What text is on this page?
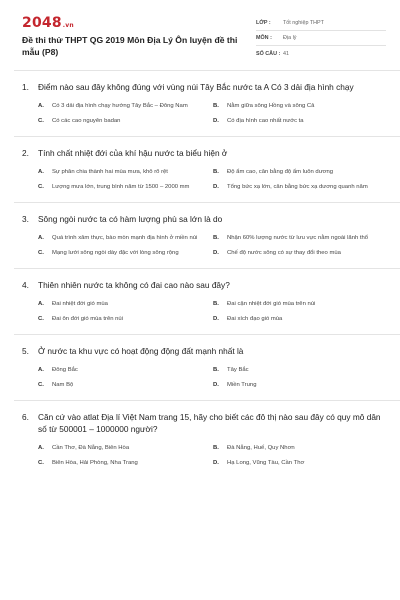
2048 .vn
Đề thi thử THPT QG 2019 Môn Địa Lý Ôn luyện đề thi mẫu (P8)
LỚP :	Tốt nghiệp THPT
MÔN :	Địa lý
SỐ CÂU : 41
1.	Điểm nào sau đây không đúng với vùng núi Tây Bắc nước ta A Có 3 dải địa hình chạy
A.	Có 3 dải địa hình chạy hướng Tây Bắc – Đông Nam	B.	Nằm giữa sông Hồng và sông Cả
C.	Có các cao nguyên badan	D.	Có địa hình cao nhất nước ta
2.	Tính chất nhiệt đới của khí hậu nước ta biểu hiện ở
A.	Sự phân chia thành hai mùa mưa, khô rõ rệt	B.	Độ ẩm cao, cân bằng độ ẩm luôn dương
C.	Lượng mưa lớn, trung bình năm từ 1500 – 2000 mm	D.	Tổng bức xạ lớn, cân bằng bức xạ dương quanh năm
3.	Sông ngòi nước ta có hàm lượng phù sa lớn là do
A.	Quá trình xâm thực, bào mòn mạnh địa hình ở miền núi	B.	Nhận 60% lượng nước từ lưu vực nằm ngoài lãnh thổ
C.	Mạng lưới sông ngòi dày đặc với lòng sông rộng	D.	Chế độ nước sông có sự thay đổi theo mùa
4.	Thiên nhiên nước ta không có đai cao nào sau đây?
A.	Đai nhiệt đới gió mùa	B.	Đai cận nhiệt đới gió mùa trên núi
C.	Đai ôn đới gió mùa trên núi	D.	Đai xích đạo gió mùa
5.	Ở nước ta khu vực có hoạt động động đất mạnh nhất là
A.	Đông Bắc	B.	Tây Bắc
C.	Nam Bộ	D.	Miền Trung
6.	Căn cứ vào atlat Địa lí Việt Nam trang 15, hãy cho biết các đô thị nào sau đây có quy mô dân số từ 500001 – 1000000 người?
A.	Cần Thơ, Đà Nẵng, Biên Hòa	B.	Đà Nẵng, Huế, Quy Nhơn
C.	Biên Hòa, Hải Phòng, Nha Trang	D.	Hạ Long, Vũng Tàu, Cần Thơ
